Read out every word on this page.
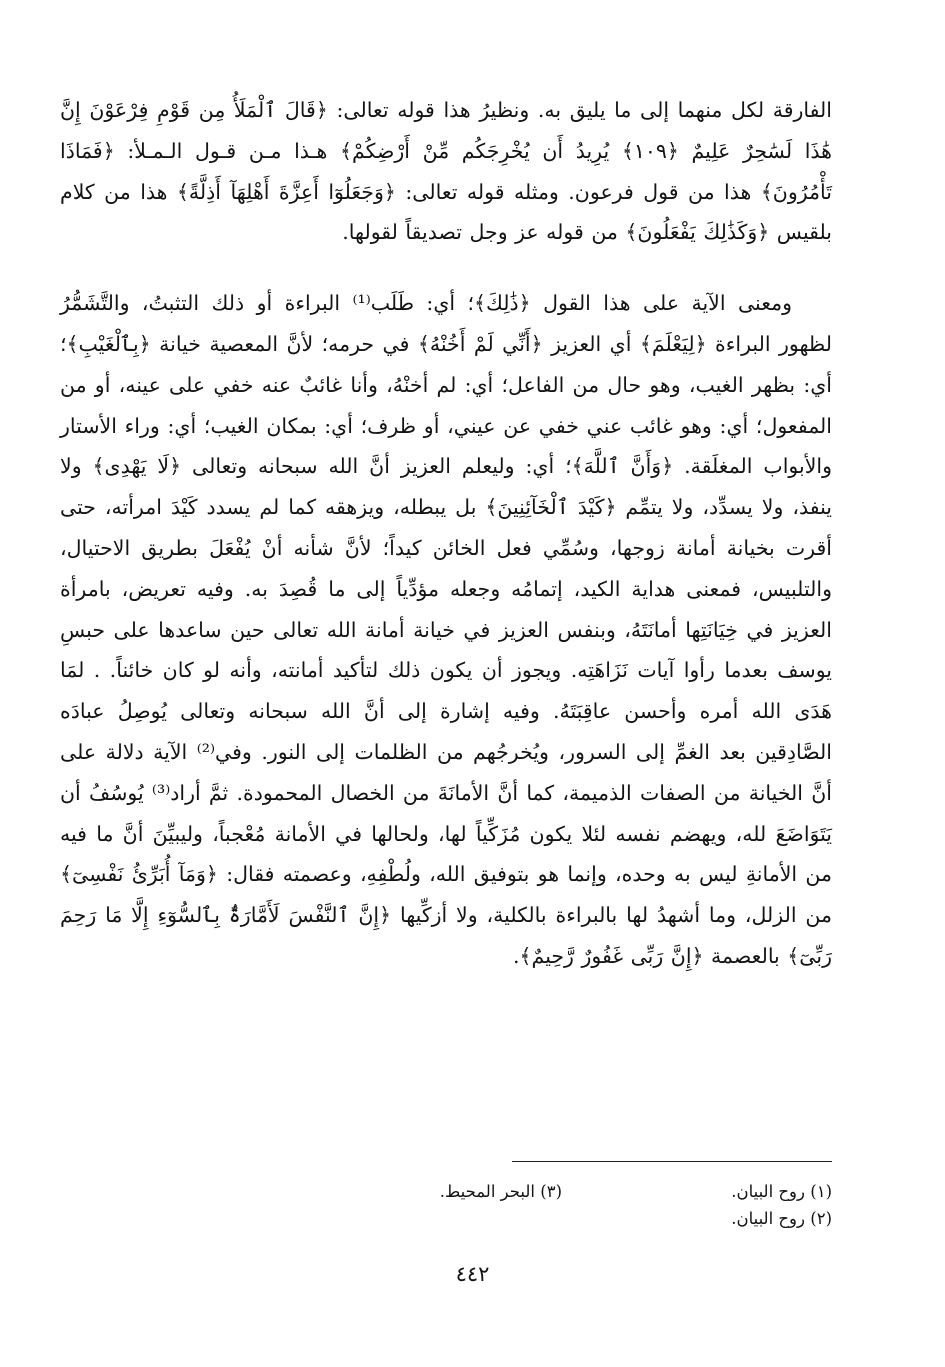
الفارقة لكل منهما إلى ما يليق به. ونظيرُ هذا قوله تعالى: ﴿قَالَ ٱلْمَلَأُ مِن قَوْمِ فِرْعَوْنَ إِنَّ هَٰذَا لَسَٰحِرٌ عَلِيمٌ ﴿١٠٩﴾ يُرِيدُ أَن يُخْرِجَكُم مِّنْ أَرْضِكُمْ﴾ هـذا مـن قـول الـمـلأ: ﴿فَمَاذَا تَأْمُرُونَ﴾ هذا من قول فرعون. ومثله قوله تعالى: ﴿وَجَعَلُوٓا أَعِزَّةَ أَهْلِهَآ أَذِلَّةً﴾ هذا من كلام بلقيس ﴿وَكَذَٰلِكَ يَفْعَلُونَ﴾ من قوله عز وجل تصديقاً لقولها.

ومعنى الآية على هذا القول ﴿ذَٰلِكَ﴾؛ أي: طَلَب⁽¹⁾ البراءة أو ذلك التثبتُ، والتَّشَمُّرُ لظهور البراءة ﴿لِيَعْلَمَ﴾ أي العزيز ﴿أَنِّي لَمْ أَخُنْهُ﴾ في حرمه؛ لأنَّ المعصية خيانة ﴿بِٱلْغَيْبِ﴾؛ أي: بظهر الغيب، وهو حال من الفاعل؛ أي: لم أخنْهُ، وأنا غائبٌ عنه خفي على عينه، أو من المفعول؛ أي: وهو غائب عني خفي عن عيني، أو ظرف؛ أي: بمكان الغيب؛ أي: وراء الأستار والأبواب المغلَقة. ﴿وَأَنَّ ٱللَّهَ﴾؛ أي: وليعلم العزيز أنَّ الله سبحانه وتعالى ﴿لَا يَهْدِى﴾ ولا ينفذ، ولا يسدِّد، ولا يتمِّم ﴿كَيْدَ ٱلْخَآئِنِينَ﴾ بل يبطله، ويزهقه كما لم يسدد كَيْدَ امرأته، حتى أقرت بخيانة أمانة زوجها، وسُمِّي فعل الخائن كيداً؛ لأنَّ شأنه أنْ يُفْعَلَ بطريق الاحتيال، والتلبيس، فمعنى هداية الكيد، إتمامُه وجعله مؤدِّياً إلى ما قُصِدَ به. وفيه تعريض، بامرأة العزيز في خِيَانَتِها أمانَتَهُ، وبنفس العزيز في خيانة أمانة الله تعالى حين ساعدها على حبسِ يوسف بعدما رأوا آيات نَزَاهَتِه. ويجوز أن يكون ذلك لتأكيد أمانته، وأنه لو كان خائناً. . لمَا هَدَى الله أمره وأحسن عاقِبَتَهُ. وفيه إشارة إلى أنَّ الله سبحانه وتعالى يُوصِلُ عبادَه الصَّادِقين بعد الغمِّ إلى السرور، ويُخرجُهم من الظلمات إلى النور. وفي⁽²⁾ الآية دلالة على أنَّ الخيانة من الصفات الذميمة، كما أنَّ الأمانَةَ من الخصال المحمودة. ثمَّ أراد⁽³⁾ يُوسُفُ أن يَتَوَاضَعَ لله، ويهضم نفسه لئلا يكون مُزَكِّياً لها، ولحالها في الأمانة مُعْجباً، وليبيِّنَ أنَّ ما فيه من الأمانةِ ليس به وحده، وإنما هو بتوفيق الله، ولُطْفِهِ، وعصمته فقال: ﴿وَمَآ أُبَرِّئُ نَفْسِىٓ﴾ من الزلل، وما أشهدُ لها بالبراءة بالكلية، ولا أزكِّيها ﴿إِنَّ ٱلنَّفْسَ لَأَمَّارَةٌۢ بِٱلسُّوٓءِ إِلَّا مَا رَحِمَ رَبِّىٓ﴾ بالعصمة ﴿إِنَّ رَبِّى غَفُورٌ رَّحِيمٌ﴾.

(١) روح البيان.
(٢) روح البيان.
(٣) البحر المحيط.
٤٤٢
